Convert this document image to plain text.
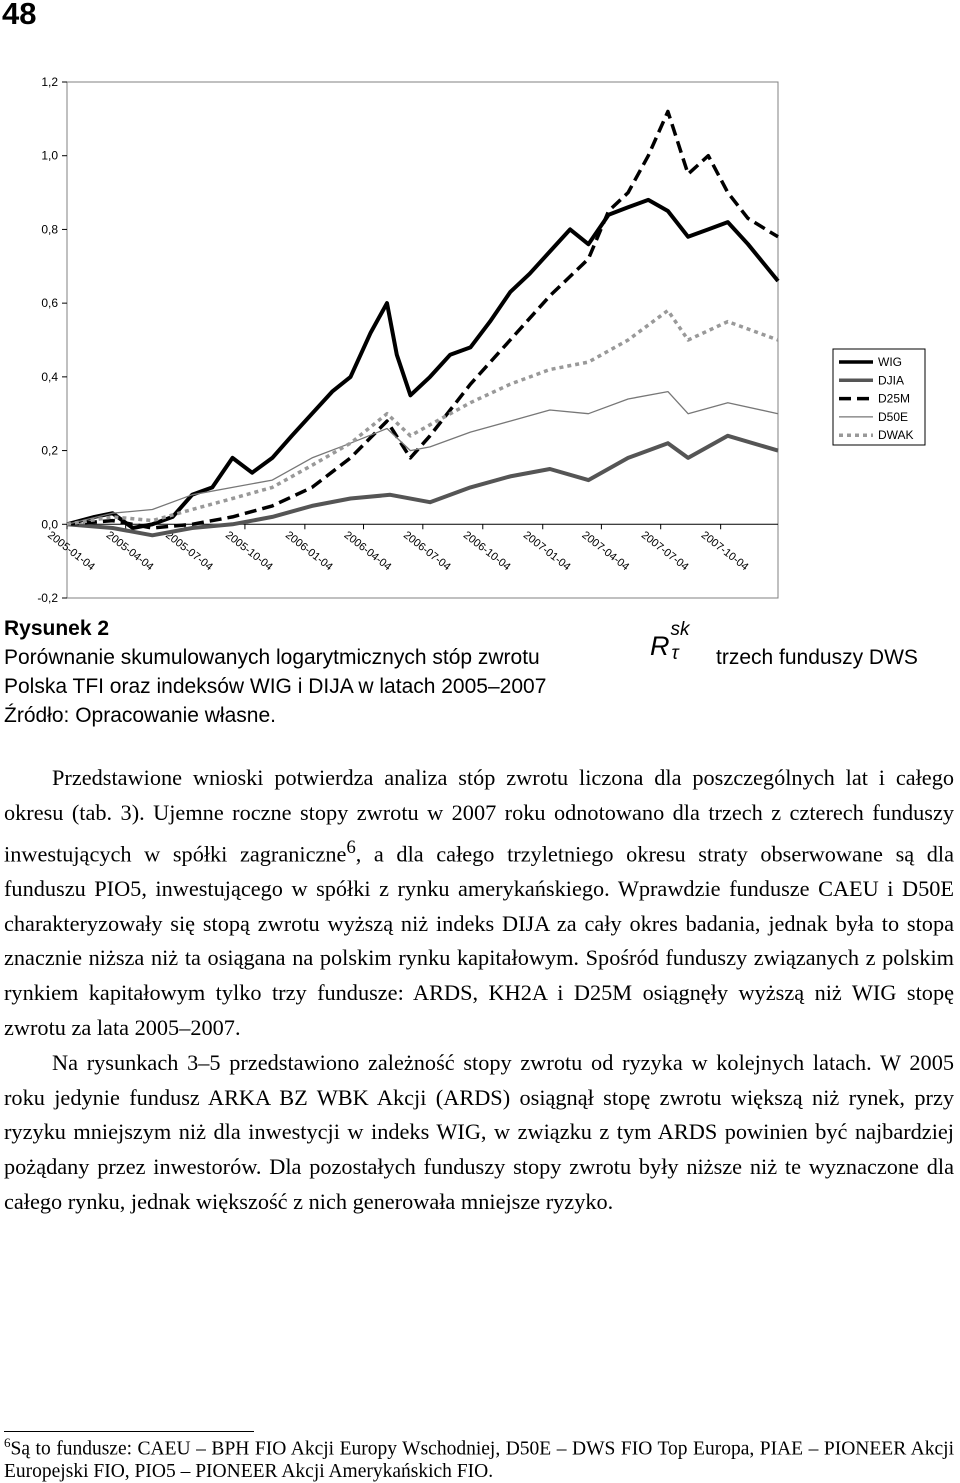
48
1,2
1,0
0,8
0,6
0,4
0,2
0,0
-0,2
2005-01-04 2005-04-04 2005-07-04 2005-10-04 2006-01-04 2006-04-04 2006-07-04 2006-10-04 2007-01-04 2007-04-04 2007-07-04 2007-10-04
WIG
DJIA
D25M
D50E
DWAK
Rysunek 2
Porównanie skumulowanych logarytmicznych stóp zwrotu	R
sk
τ trzech funduszy DWS
Polska TFI oraz indeksów WIG i DIJA w latach 2005–2007
Źródło: Opracowanie własne.

Przedstawione wnioski potwierdza analiza stóp zwrotu liczona dla poszczególnych lat i całego okresu (tab. 3). Ujemne roczne stopy zwrotu w 2007 roku odnotowano dla trzech z czterech funduszy inwestujących w spółki zagraniczne$^6$, a dla całego trzyletniego okresu straty obserwowane są dla funduszu PIO5, inwestującego w spółki z rynku amerykańskiego. Wprawdzie fundusze CAEU i D50E charakteryzowały się stopą zwrotu wyższą niż indeks DIJA za cały okres badania, jednak była to stopa znacznie niższa niż ta osiągana na polskim rynku kapitałowym. Spośród funduszy związanych z polskim rynkiem kapitałowym tylko trzy fundusze: ARDS, KH2A i D25M osiągnęły wyższą niż WIG stopę zwrotu za lata 2005–2007.

Na rysunkach 3–5 przedstawiono zależność stopy zwrotu od ryzyka w kolejnych latach. W 2005 roku jedynie fundusz ARKA BZ WBK Akcji (ARDS) osiągnął stopę zwrotu większą niż rynek, przy ryzyku mniejszym niż dla inwestycji w indeks WIG, w związku z tym ARDS powinien być najbardziej pożądany przez inwestorów. Dla pozostałych funduszy stopy zwrotu były niższe niż te wyznaczone dla całego rynku, jednak większość z nich generowała mniejsze ryzyko.

$^6$Są to fundusze: CAEU – BPH FIO Akcji Europy Wschodniej, D50E – DWS FIO Top Europa, PIAE – PIONEER Akcji Europejski FIO, PIO5 – PIONEER Akcji Amerykańskich FIO.
